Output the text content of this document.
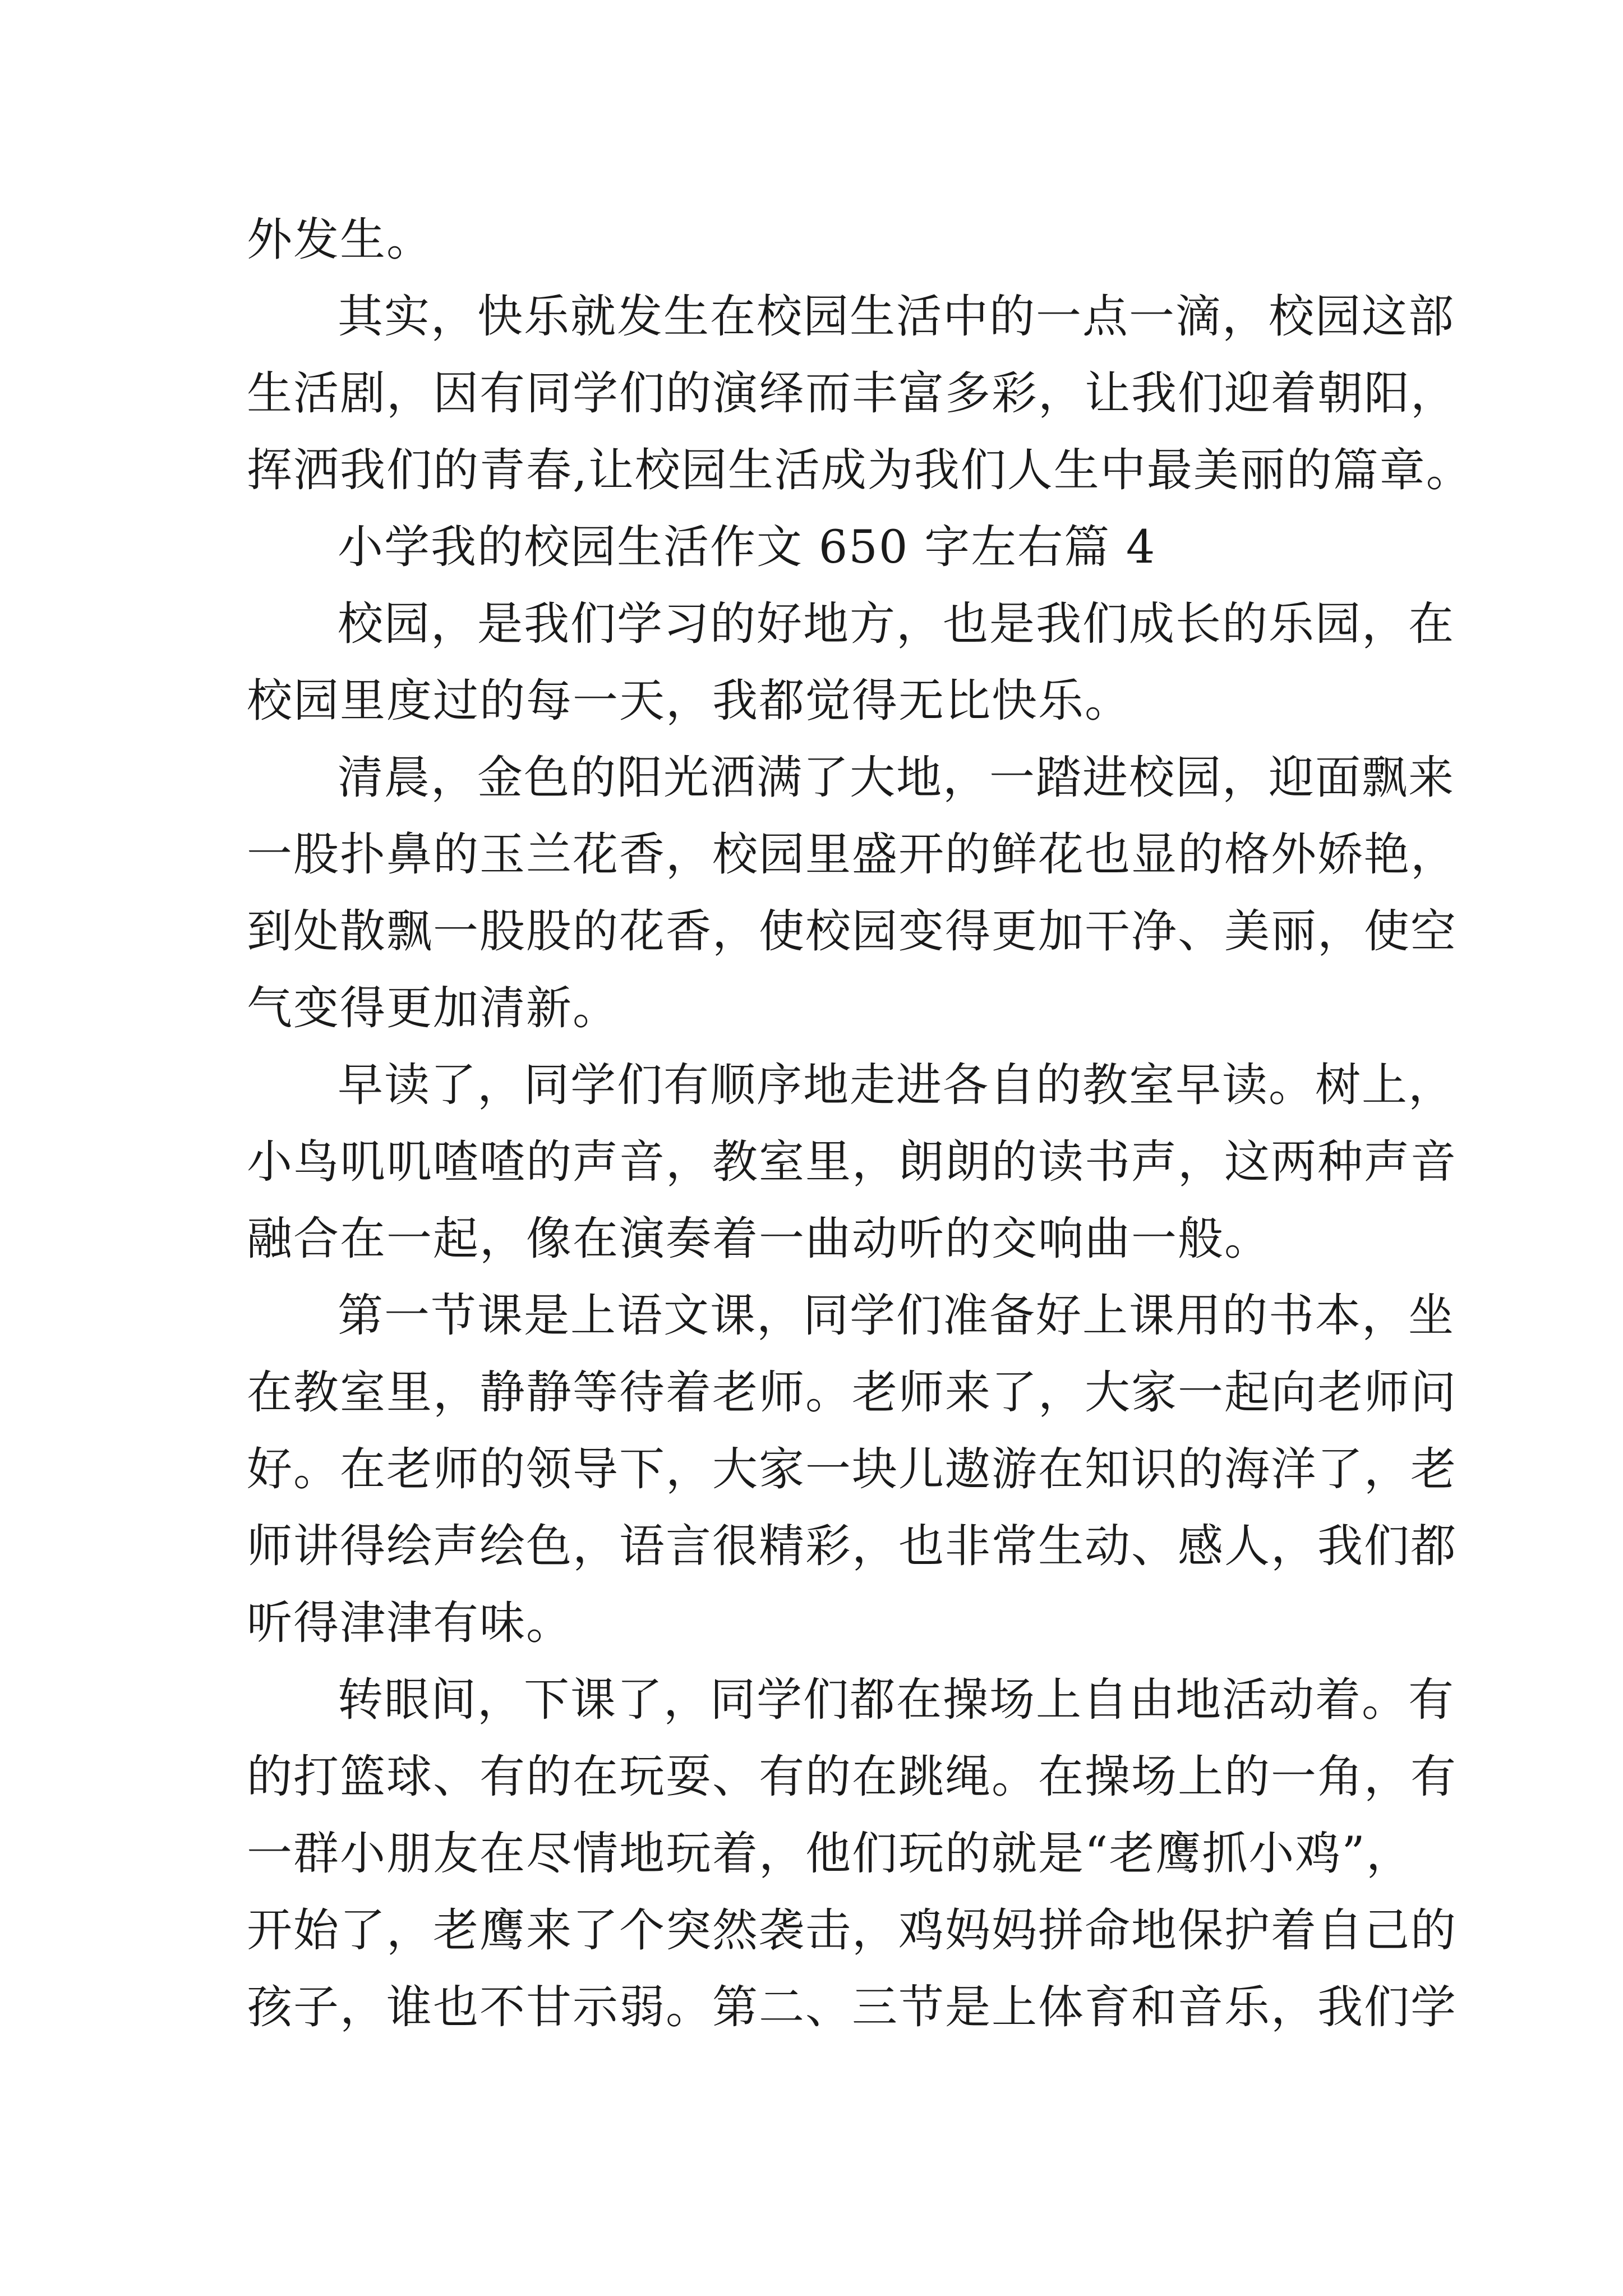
外发生。
其实，快乐就发生在校园生活中的一点一滴，校园这部
生活剧，因有同学们的演绎而丰富多彩，让我们迎着朝阳，
挥洒我们的青春,让校园生活成为我们人生中最美丽的篇章。
小学我的校园生活作文 650 字左右篇 4
校园，是我们学习的好地方，也是我们成长的乐园，在
校园里度过的每一天，我都觉得无比快乐。
清晨，金色的阳光洒满了大地，一踏进校园，迎面飘来
一股扑鼻的玉兰花香，校园里盛开的鲜花也显的格外娇艳，
到处散飘一股股的花香，使校园变得更加干净、美丽，使空
气变得更加清新。
早读了，同学们有顺序地走进各自的教室早读。树上，
小鸟叽叽喳喳的声音，教室里，朗朗的读书声，这两种声音
融合在一起，像在演奏着一曲动听的交响曲一般。
第一节课是上语文课，同学们准备好上课用的书本，坐
在教室里，静静等待着老师。老师来了，大家一起向老师问
好。在老师的领导下，大家一块儿遨游在知识的海洋了，老
师讲得绘声绘色，语言很精彩，也非常生动、感人，我们都
听得津津有味。
转眼间，下课了，同学们都在操场上自由地活动着。有
的打篮球、有的在玩耍、有的在跳绳。在操场上的一角，有
一群小朋友在尽情地玩着，他们玩的就是“老鹰抓小鸡”，
开始了，老鹰来了个突然袭击，鸡妈妈拼命地保护着自己的
孩子，谁也不甘示弱。第二、三节是上体育和音乐，我们学
